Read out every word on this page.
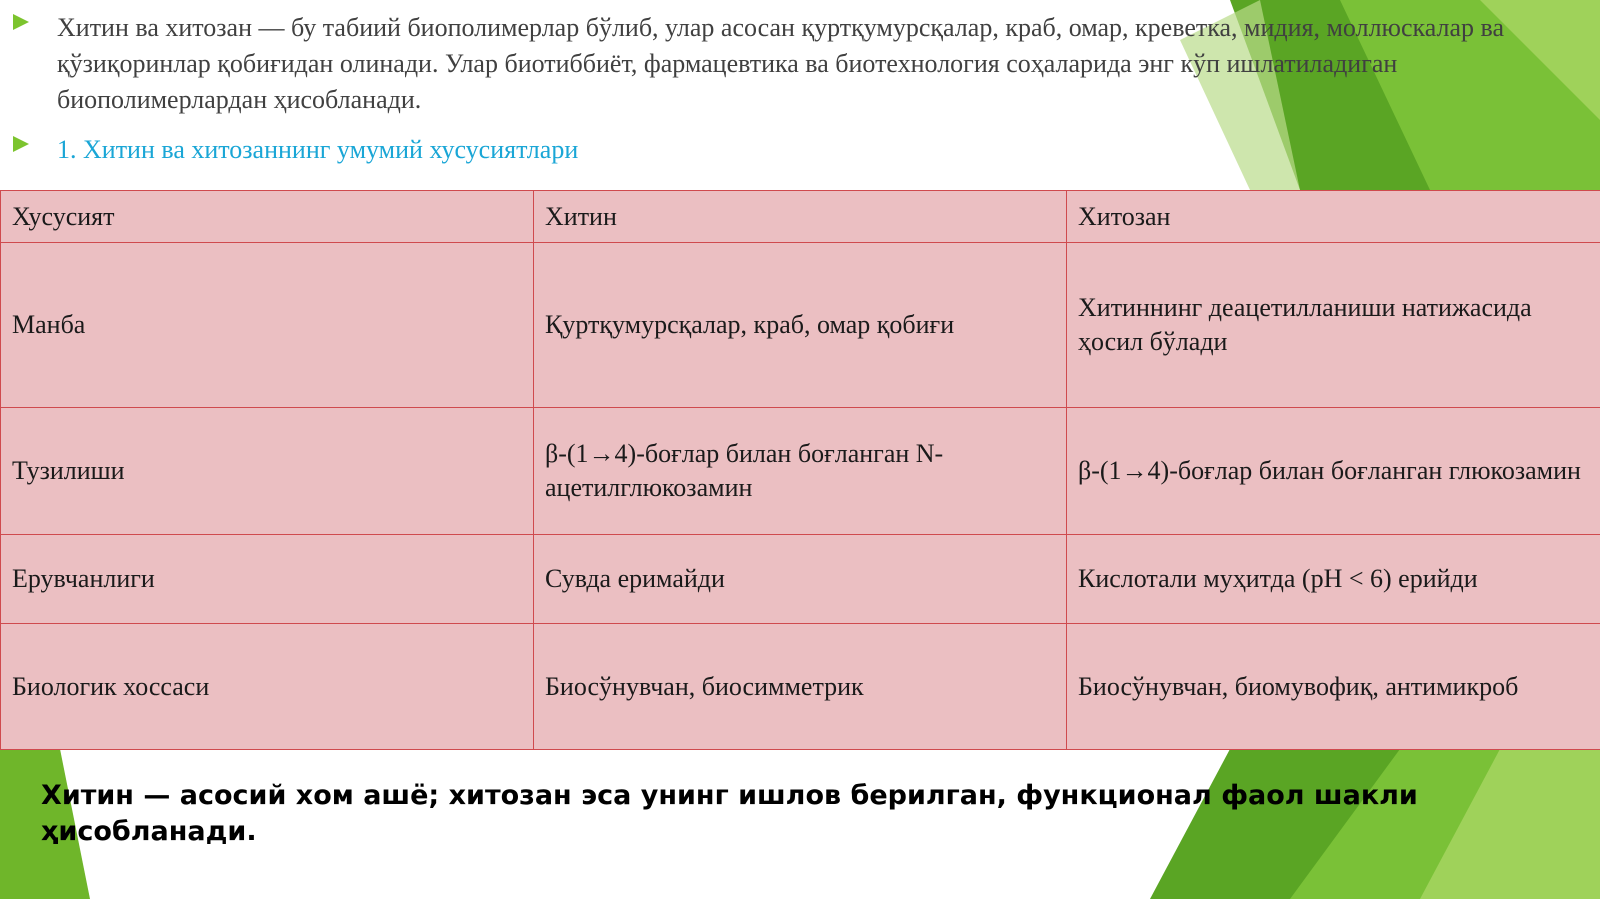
Хитин ва хитозан — бу табиий биополимерлар бўлиб, улар асосан қуртқумурсқалар, краб, омар, креветка, мидия, моллюскалар ва қўзиқоринлар қобиғидан олинади. Улар биотиббиёт, фармацевтика ва биотехнология соҳаларида энг кўп ишлатиладиган биополимерлардан ҳисобланади.
1. Хитин ва хитозаннинг умумий хусусиятлари
Хусусият	Хитин	Хитозан
Манба	Қуртқумурсқалар, краб, омар қобиғи	Хитиннинг деацетилланиши натижасида ҳосил бўлади
Тузилиши	β-(1→4)-боғлар билан боғланган N-ацетилглюкозамин	β-(1→4)-боғлар билан боғланган глюкозамин
Ерувчанлиги	Сувда еримайди	Кислотали муҳитда (pH < 6) ерийди
Биологик хоссаси	Биосўнувчан, биосимметрик	Биосўнувчан, биомувофиқ, антимикроб
Хитин — асосий хом ашё; хитозан эса унинг ишлов берилган, функционал фаол шакли ҳисобланади.
